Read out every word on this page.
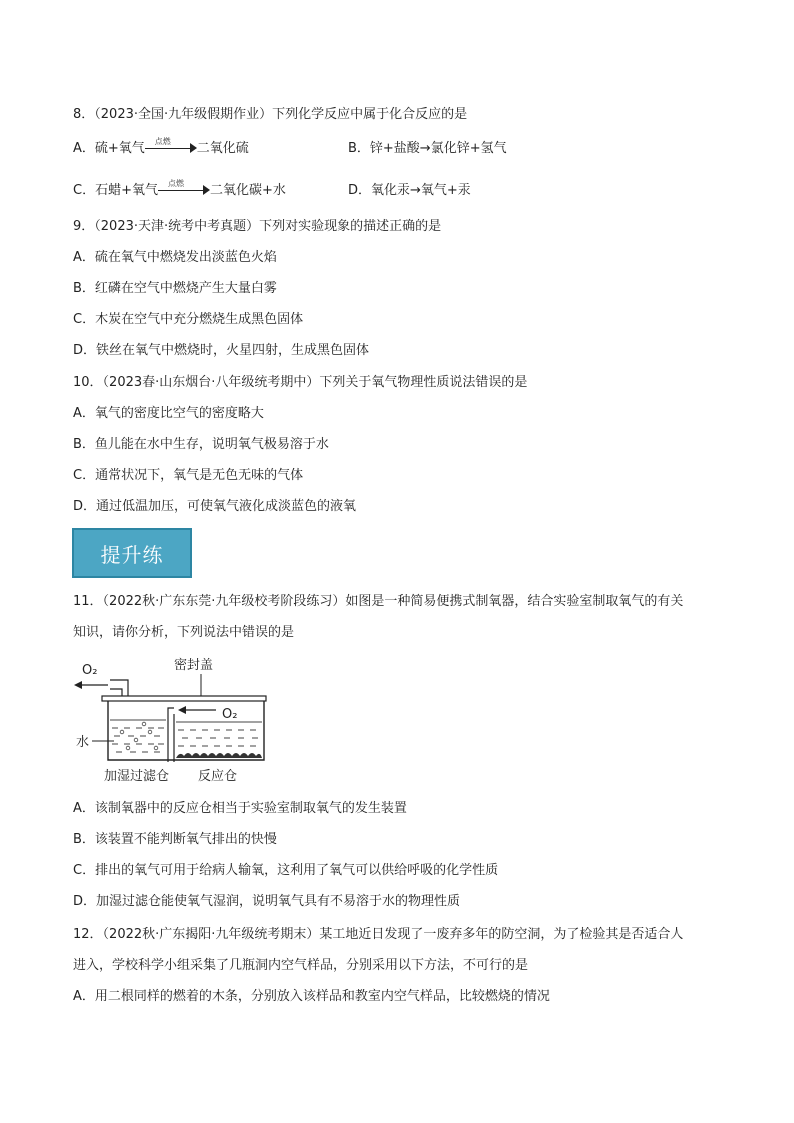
8．（2023·全国·九年级假期作业）下列化学反应中属于化合反应的是
A．硫+氧气 点燃 二氧化硫	B．锌+盐酸→氯化锌+氢气
C．石蜡+氧气 点燃 二氧化碳+水	D．氧化汞→氧气+汞
9．（2023·天津·统考中考真题）下列对实验现象的描述正确的是
A．硫在氧气中燃烧发出淡蓝色火焰
B．红磷在空气中燃烧产生大量白雾
C．木炭在空气中充分燃烧生成黑色固体
D．铁丝在氧气中燃烧时，火星四射，生成黑色固体
10．（2023春·山东烟台·八年级统考期中）下列关于氧气物理性质说法错误的是
A．氧气的密度比空气的密度略大
B．鱼儿能在水中生存，说明氧气极易溶于水
C．通常状况下，氧气是无色无味的气体
D．通过低温加压，可使氧气液化成淡蓝色的液氧
提升练
11．（2022秋·广东东莞·九年级校考阶段练习）如图是一种简易便携式制氧器，结合实验室制取氧气的有关
知识，请你分析，下列说法中错误的是
O₂	密封盖
O₂
水
加湿过滤仓 反应仓
A．该制氧器中的反应仓相当于实验室制取氧气的发生装置
B．该装置不能判断氧气排出的快慢
C．排出的氧气可用于给病人输氧，这利用了氧气可以供给呼吸的化学性质
D．加湿过滤仓能使氧气湿润，说明氧气具有不易溶于水的物理性质
12．（2022秋·广东揭阳·九年级统考期末）某工地近日发现了一废弃多年的防空洞，为了检验其是否适合人
进入，学校科学小组采集了几瓶洞内空气样品，分别采用以下方法，不可行的是
A．用二根同样的燃着的木条，分别放入该样品和教室内空气样品，比较燃烧的情况
